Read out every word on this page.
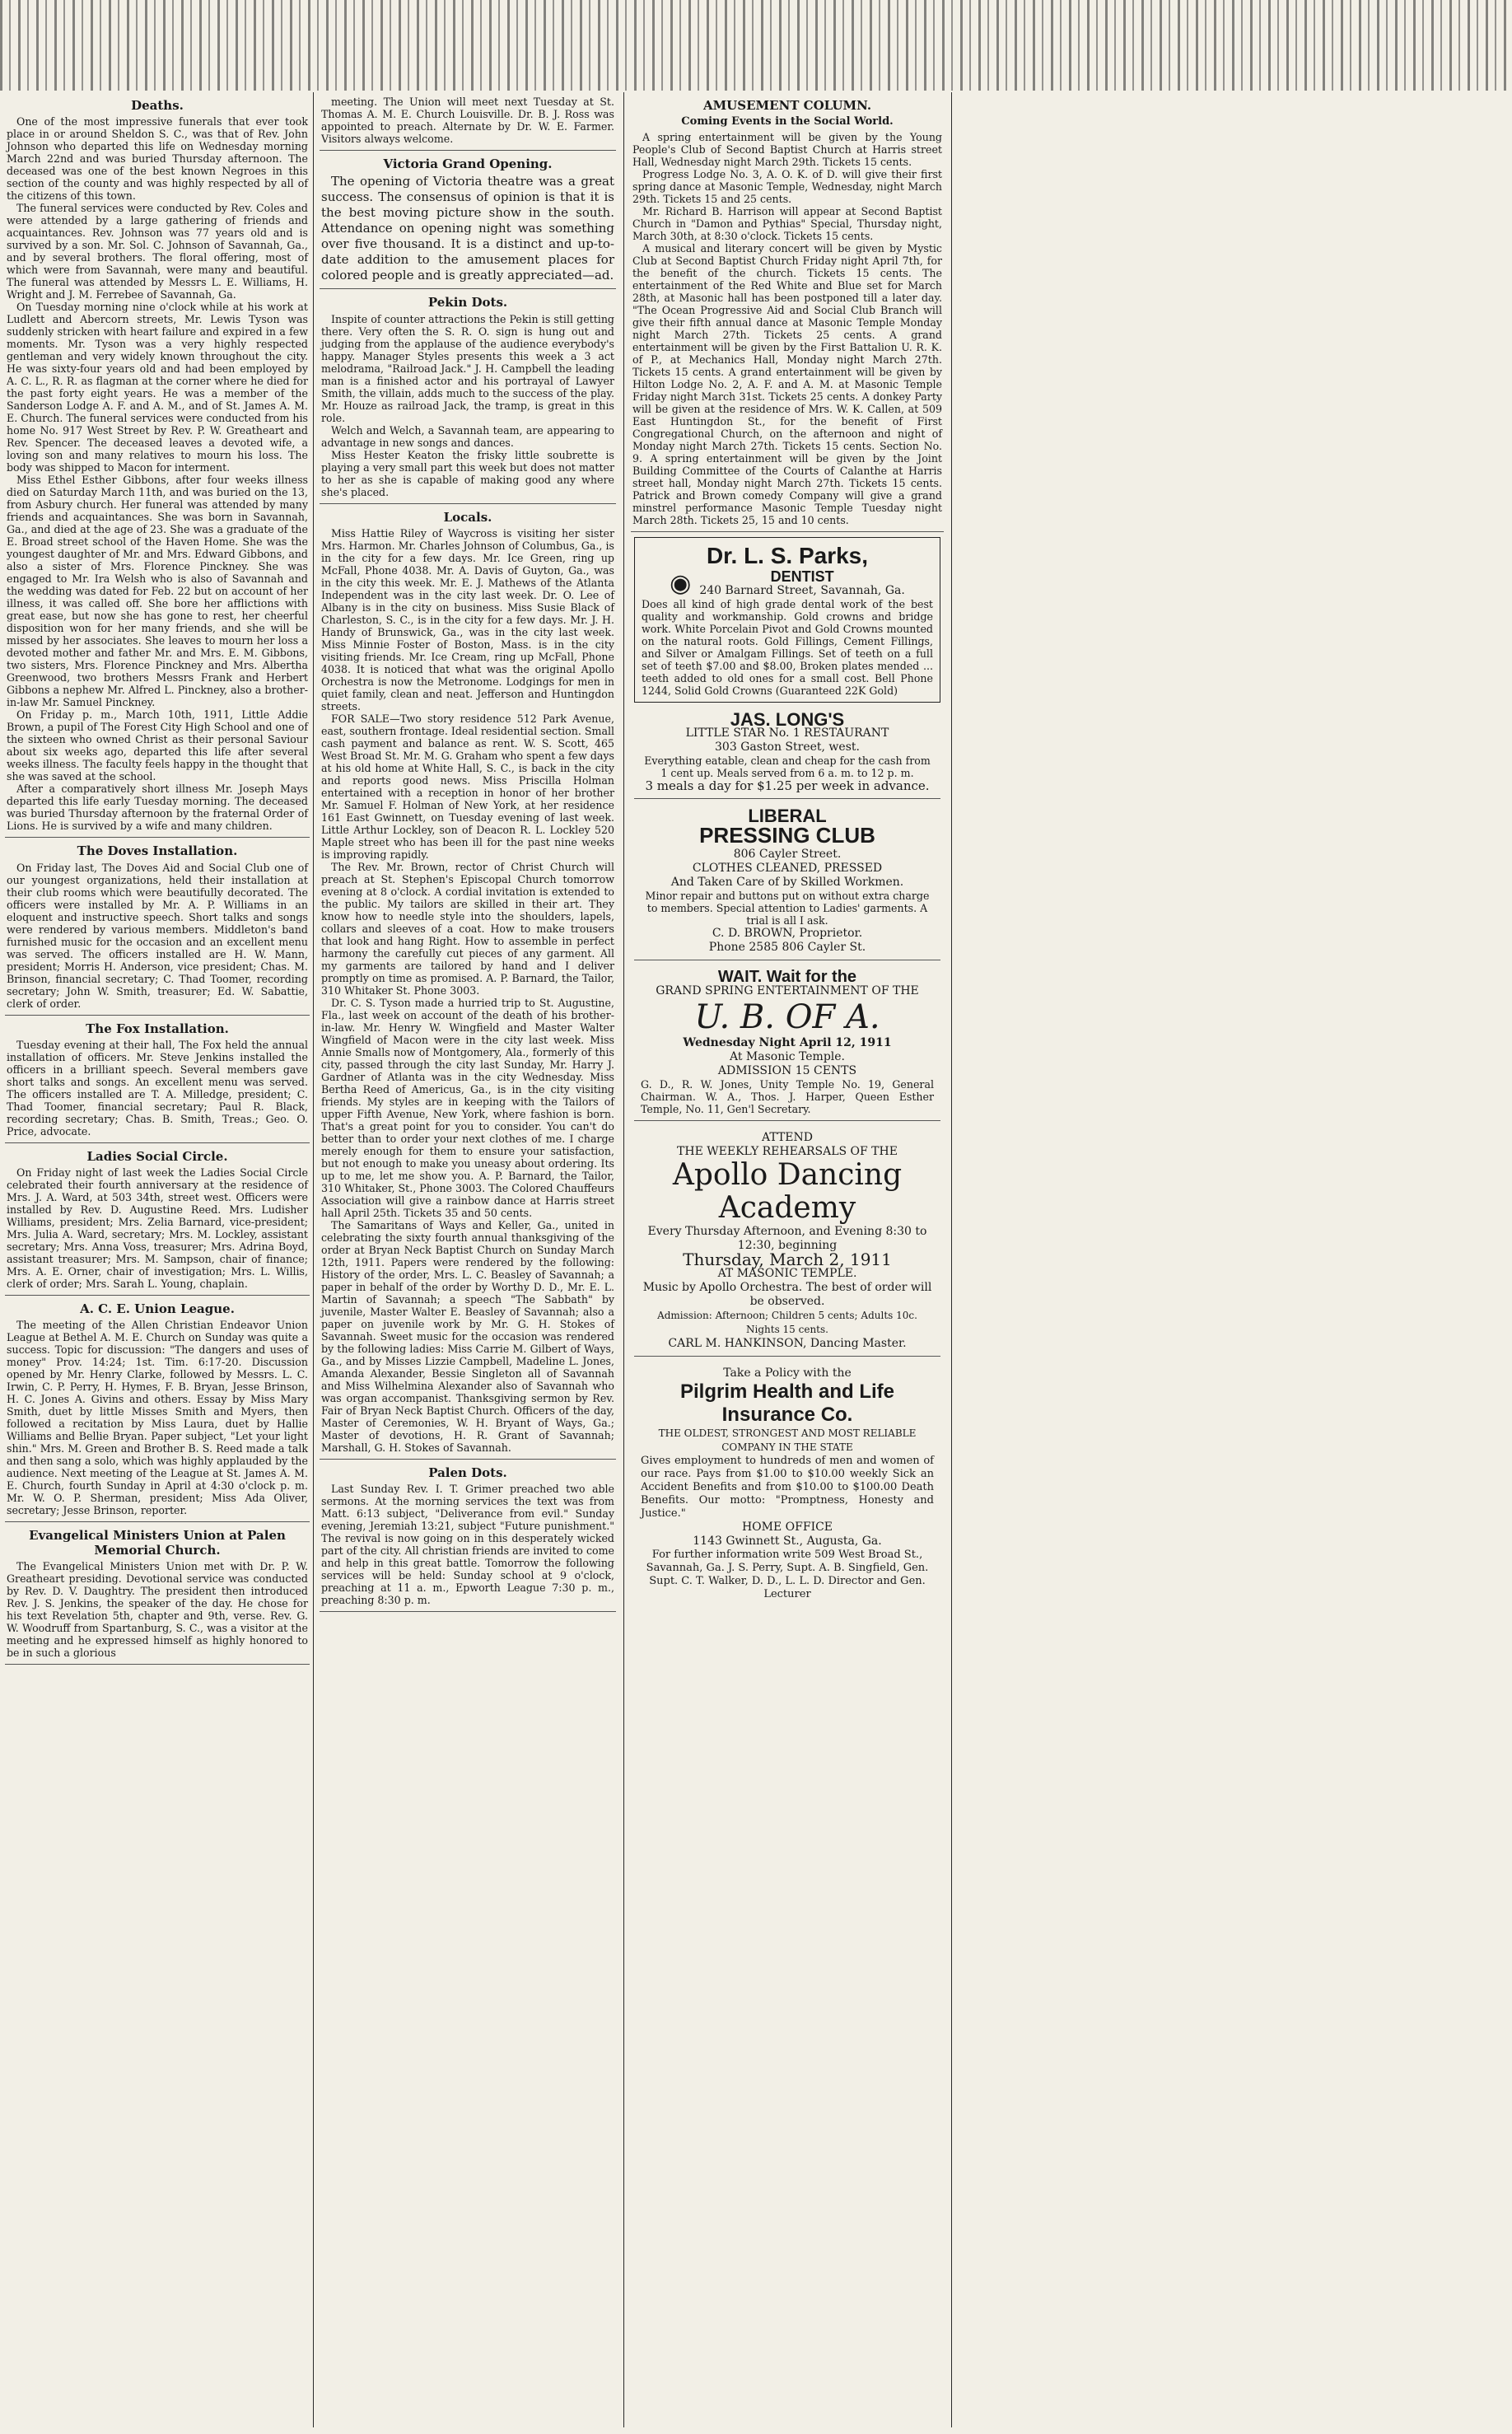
Deaths.

One of the most impressive funerals that ever took place in or around Sheldon S. C., was that of Rev. John Johnson who departed this life on Wednesday morning March 22nd and was buried Thursday afternoon. The deceased was one of the best known Negroes in this section of the county and was highly respected by all of the citizens of this town.

The funeral services were conducted by Rev. Coles and were attended by a large gathering of friends and acquaintances. Rev. Johnson was 77 years old and is survived by a son. Mr. Sol. C. Johnson of Savannah, Ga., and by several brothers. The floral offering, most of which were from Savannah, were many and beautiful. The funeral was attended by Messrs L. E. Williams, H. Wright and J. M. Ferrebee of Savannah, Ga.

On Tuesday morning nine o'clock while at his work at Ludlett and Abercorn streets, Mr. Lewis Tyson was suddenly stricken with heart failure and expired in a few moments. Mr. Tyson was a very highly respected gentleman and very widely known throughout the city. He was sixty-four years old and had been employed by A. C. L., R. R. as flagman at the corner where he died for the past forty eight years. He was a member of the Sanderson Lodge A. F. and A. M., and of St. James A. M. E. Church. The funeral services were conducted from his home No. 917 West Street by Rev. P. W. Greatheart and Rev. Spencer. The deceased leaves a devoted wife, a loving son and many relatives to mourn his loss. The body was shipped to Macon for interment.

Miss Ethel Esther Gibbons, after four weeks illness died on Saturday March 11th, and was buried on the 13, from Asbury church. Her funeral was attended by many friends and acquaintances. She was born in Savannah, Ga., and died at the age of 23. She was a graduate of the E. Broad street school of the Haven Home. She was the youngest daughter of Mr. and Mrs. Edward Gibbons, and also a sister of Mrs. Florence Pinckney. She was engaged to Mr. Ira Welsh who is also of Savannah and the wedding was dated for Feb. 22 but on account of her illness, it was called off. She bore her afflictions with great ease, but now she has gone to rest, her cheerful disposition won for her many friends, and she will be missed by her associates. She leaves to mourn her loss a devoted mother and father Mr. and Mrs. E. M. Gibbons, two sisters, Mrs. Florence Pinckney and Mrs. Albertha Greenwood, two brothers Messrs Frank and Herbert Gibbons a nephew Mr. Alfred L. Pinckney, also a brother-in-law Mr. Samuel Pinckney.

On Friday p. m., March 10th, 1911, Little Addie Brown, a pupil of The Forest City High School and one of the sixteen who owned Christ as their personal Saviour about six weeks ago, departed this life after several weeks illness. The faculty feels happy in the thought that she was saved at the school.

After a comparatively short illness Mr. Joseph Mays departed this life early Tuesday morning. The deceased was buried Thursday afternoon by the fraternal Order of Lions. He is survived by a wife and many children.

The Doves Installation.

On Friday last, The Doves Aid and Social Club one of our youngest organizations, held their installation at their club rooms which were beautifully decorated. The officers were installed by Mr. A. P. Williams in an eloquent and instructive speech. Short talks and songs were rendered by various members. Middleton's band furnished music for the occasion and an excellent menu was served. The officers installed are H. W. Mann, president; Morris H. Anderson, vice president; Chas. M. Brinson, financial secretary; C. Thad Toomer, recording secretary; John W. Smith, treasurer; Ed. W. Sabattie, clerk of order.

The Fox Installation.

Tuesday evening at their hall, The Fox held the annual installation of officers. Mr. Steve Jenkins installed the officers in a brilliant speech. Several members gave short talks and songs. An excellent menu was served. The officers installed are T. A. Milledge, president; C. Thad Toomer, financial secretary; Paul R. Black, recording secretary; Chas. B. Smith, Treas.; Geo. O. Price, advocate.

Ladies Social Circle.

On Friday night of last week the Ladies Social Circle celebrated their fourth anniversary at the residence of Mrs. J. A. Ward, at 503 34th, street west. Officers were installed by Rev. D. Augustine Reed. Mrs. Ludisher Williams, president; Mrs. Zelia Barnard, vice-president; Mrs. Julia A. Ward, secretary; Mrs. M. Lockley, assistant secretary; Mrs. Anna Voss, treasurer; Mrs. Adrina Boyd, assistant treasurer; Mrs. M. Sampson, chair of finance; Mrs. A. E. Orner, chair of investigation; Mrs. L. Willis, clerk of order; Mrs. Sarah L. Young, chaplain.

A. C. E. Union League.

The meeting of the Allen Christian Endeavor Union League at Bethel A. M. E. Church on Sunday was quite a success. Topic for discussion: "The dangers and uses of money" Prov. 14:24; 1st. Tim. 6:17-20. Discussion opened by Mr. Henry Clarke, followed by Messrs. L. C. Irwin, C. P. Perry, H. Hymes, F. B. Bryan, Jesse Brinson, H. C. Jones A. Givins and others. Essay by Miss Mary Smith, duet by little Misses Smith and Myers, then followed a recitation by Miss Laura, duet by Hallie Williams and Bellie Bryan. Paper subject, "Let your light shin." Mrs. M. Green and Brother B. S. Reed made a talk and then sang a solo, which was highly applauded by the audience. Next meeting of the League at St. James A. M. E. Church, fourth Sunday in April at 4:30 o'clock p. m. Mr. W. O. P. Sherman, president; Miss Ada Oliver, secretary; Jesse Brinson, reporter.

Evangelical Ministers Union at Palen Memorial Church.

The Evangelical Ministers Union met with Dr. P. W. Greatheart presiding. Devotional service was conducted by Rev. D. V. Daughtry. The president then introduced Rev. J. S. Jenkins, the speaker of the day. He chose for his text Revelation 5th, chapter and 9th, verse. Rev. G. W. Woodruff from Spartanburg, S. C., was a visitor at the meeting and he expressed himself as highly honored to be in such a glorious

meeting. The Union will meet next Tuesday at St. Thomas A. M. E. Church Louisville. Dr. B. J. Ross was appointed to preach. Alternate by Dr. W. E. Farmer. Visitors always welcome.

Victoria Grand Opening.

The opening of Victoria theatre was a great success. The consensus of opinion is that it is the best moving picture show in the south. Attendance on opening night was something over five thousand. It is a distinct and up-to-date addition to the amusement places for colored people and is greatly appreciated—ad.

Pekin Dots.

Inspite of counter attractions the Pekin is still getting there. Very often the S. R. O. sign is hung out and judging from the applause of the audience everybody's happy. Manager Styles presents this week a 3 act melodrama, "Railroad Jack." J. H. Campbell the leading man is a finished actor and his portrayal of Lawyer Smith, the villain, adds much to the success of the play. Mr. Houze as railroad Jack, the tramp, is great in this role.

Welch and Welch, a Savannah team, are appearing to advantage in new songs and dances.

Miss Hester Keaton the frisky little soubrette is playing a very small part this week but does not matter to her as she is capable of making good any where she's placed.

Locals.

Miss Hattie Riley of Waycross is visiting her sister Mrs. Harmon. Mr. Charles Johnson of Columbus, Ga., is in the city for a few days. Mr. Ice Green, ring up McFall, Phone 4038. Mr. A. Davis of Guyton, Ga., was in the city this week. Mr. E. J. Mathews of the Atlanta Independent was in the city last week. Dr. O. Lee of Albany is in the city on business. Miss Susie Black of Charleston, S. C., is in the city for a few days. Mr. J. H. Handy of Brunswick, Ga., was in the city last week. Miss Minnie Foster of Boston, Mass. is in the city visiting friends. Mr. Ice Cream, ring up McFall, Phone 4038. It is noticed that what was the original Apollo Orchestra is now the Metronome. Lodgings for men in quiet family, clean and neat. Jefferson and Huntingdon streets.

FOR SALE—Two story residence 512 Park Avenue, east, southern frontage. Ideal residential section. Small cash payment and balance as rent. W. S. Scott, 465 West Broad St. Mr. M. G. Graham who spent a few days at his old home at White Hall, S. C., is back in the city and reports good news. Miss Priscilla Holman entertained with a reception in honor of her brother Mr. Samuel F. Holman of New York, at her residence 161 East Gwinnett, on Tuesday evening of last week. Little Arthur Lockley, son of Deacon R. L. Lockley 520 Maple street who has been ill for the past nine weeks is improving rapidly.

The Rev. Mr. Brown, rector of Christ Church will preach at St. Stephen's Episcopal Church tomorrow evening at 8 o'clock. A cordial invitation is extended to the public. My tailors are skilled in their art. They know how to needle style into the shoulders, lapels, collars and sleeves of a coat. How to make trousers that look and hang Right. How to assemble in perfect harmony the carefully cut pieces of any garment. All my garments are tailored by hand and I deliver promptly on time as promised. A. P. Barnard, the Tailor, 310 Whitaker St. Phone 3003.

Dr. C. S. Tyson made a hurried trip to St. Augustine, Fla., last week on account of the death of his brother-in-law. Mr. Henry W. Wingfield and Master Walter Wingfield of Macon were in the city last week. Miss Annie Smalls now of Montgomery, Ala., formerly of this city, passed through the city last Sunday, Mr. Harry J. Gardner of Atlanta was in the city Wednesday. Miss Bertha Reed of Americus, Ga., is in the city visiting friends. My styles are in keeping with the Tailors of upper Fifth Avenue, New York, where fashion is born. That's a great point for you to consider. You can't do better than to order your next clothes of me. I charge merely enough for them to ensure your satisfaction, but not enough to make you uneasy about ordering. Its up to me, let me show you. A. P. Barnard, the Tailor, 310 Whitaker, St., Phone 3003. The Colored Chauffeurs Association will give a rainbow dance at Harris street hall April 25th. Tickets 35 and 50 cents.

The Samaritans of Ways and Keller, Ga., united in celebrating the sixty fourth annual thanksgiving of the order at Bryan Neck Baptist Church on Sunday March 12th, 1911. Papers were rendered by the following: History of the order, Mrs. L. C. Beasley of Savannah; a paper in behalf of the order by Worthy D. D., Mr. E. L. Martin of Savannah; a speech "The Sabbath" by juvenile, Master Walter E. Beasley of Savannah; also a paper on juvenile work by Mr. G. H. Stokes of Savannah. Sweet music for the occasion was rendered by the following ladies: Miss Carrie M. Gilbert of Ways, Ga., and by Misses Lizzie Campbell, Madeline L. Jones, Amanda Alexander, Bessie Singleton all of Savannah and Miss Wilhelmina Alexander also of Savannah who was organ accompanist. Thanksgiving sermon by Rev. Fair of Bryan Neck Baptist Church. Officers of the day, Master of Ceremonies, W. H. Bryant of Ways, Ga.; Master of devotions, H. R. Grant of Savannah; Marshall, G. H. Stokes of Savannah.

Palen Dots.

Last Sunday Rev. I. T. Grimer preached two able sermons. At the morning services the text was from Matt. 6:13 subject, "Deliverance from evil." Sunday evening, Jeremiah 13:21, subject "Future punishment." The revival is now going on in this desperately wicked part of the city. All christian friends are invited to come and help in this great battle. Tomorrow the following services will be held: Sunday school at 9 o'clock, preaching at 11 a. m., Epworth League 7:30 p. m., preaching 8:30 p. m.

AMUSEMENT COLUMN.
Coming Events in the Social World.

A spring entertainment will be given by the Young People's Club of Second Baptist Church at Harris street Hall, Wednesday night March 29th. Tickets 15 cents.

Progress Lodge No. 3, A. O. K. of D. will give their first spring dance at Masonic Temple, Wednesday, night March 29th. Tickets 15 and 25 cents.

Mr. Richard B. Harrison will appear at Second Baptist Church in "Damon and Pythias" Special, Thursday night, March 30th, at 8:30 o'clock. Tickets 15 cents.

A musical and literary concert will be given by Mystic Club at Second Baptist Church Friday night April 7th, for the benefit of the church. Tickets 15 cents. The entertainment of the Red White and Blue set for March 28th, at Masonic hall has been postponed till a later day. "The Ocean Progressive Aid and Social Club Branch will give their fifth annual dance at Masonic Temple Monday night March 27th. Tickets 25 cents. A grand entertainment will be given by the First Battalion U. R. K. of P., at Mechanics Hall, Monday night March 27th. Tickets 15 cents. A grand entertainment will be given by Hilton Lodge No. 2, A. F. and A. M. at Masonic Temple Friday night March 31st. Tickets 25 cents. A donkey Party will be given at the residence of Mrs. W. K. Callen, at 509 East Huntingdon St., for the benefit of First Congregational Church, on the afternoon and night of Monday night March 27th. Tickets 15 cents. Section No. 9. A spring entertainment will be given by the Joint Building Committee of the Courts of Calanthe at Harris street hall, Monday night March 27th. Tickets 15 cents. Patrick and Brown comedy Company will give a grand minstrel performance Masonic Temple Tuesday night March 28th. Tickets 25, 15 and 10 cents.

Dr. L. S. Parks,

◉	DENTIST

240 Barnard Street, Savannah, Ga.

Does all kind of high grade dental work of the best quality and workmanship. Gold crowns and bridge work. White Porcelain Pivot and Gold Crowns mounted on the natural roots. Gold Fillings, Cement Fillings, and Silver or Amalgam Fillings. Set of teeth on a full set of teeth $7.00 and $8.00, Broken plates mended ... teeth added to old ones for a small cost. Bell Phone 1244, Solid Gold Crowns (Guaranteed 22K Gold)

JAS. LONG'S

LITTLE STAR No. 1 RESTAURANT

303 Gaston Street, west.

Everything eatable, clean and cheap for the cash from 1 cent up. Meals served from 6 a. m. to 12 p. m.

3 meals a day for $1.25 per week in advance.

LIBERAL

PRESSING CLUB

806 Cayler Street.

CLOTHES CLEANED, PRESSED

And Taken Care of by Skilled Workmen.

Minor repair and buttons put on without extra charge to members. Special attention to Ladies' garments. A trial is all I ask.

C. D. BROWN, Proprietor.

Phone 2585 806 Cayler St.

WAIT. Wait for the

GRAND SPRING ENTERTAINMENT OF THE

U. B. OF A.

Wednesday Night April 12, 1911

At Masonic Temple.

ADMISSION 15 CENTS

G. D., R. W. Jones, Unity Temple No. 19, General Chairman. W. A., Thos. J. Harper, Queen Esther Temple, No. 11, Gen'l Secretary.

ATTEND

THE WEEKLY REHEARSALS OF THE

Apollo Dancing Academy

Every Thursday Afternoon, and Evening 8:30 to 12:30, beginning

Thursday, March 2, 1911

AT MASONIC TEMPLE.

Music by Apollo Orchestra. The best of order will be observed.

Admission: Afternoon; Children 5 cents; Adults 10c. Nights 15 cents.

CARL M. HANKINSON, Dancing Master.

Take a Policy with the

Pilgrim Health and Life Insurance Co.

THE OLDEST, STRONGEST AND MOST RELIABLE COMPANY IN THE STATE

Gives employment to hundreds of men and women of our race. Pays from $1.00 to $10.00 weekly Sick an Accident Benefits and from $10.00 to $100.00 Death Benefits. Our motto: "Promptness, Honesty and Justice."

HOME OFFICE

1143 Gwinnett St., Augusta, Ga.

For further information write 509 West Broad St., Savannah, Ga. J. S. Perry, Supt. A. B. Singfield, Gen. Supt. C. T. Walker, D. D., L. L. D. Director and Gen. Lecturer
